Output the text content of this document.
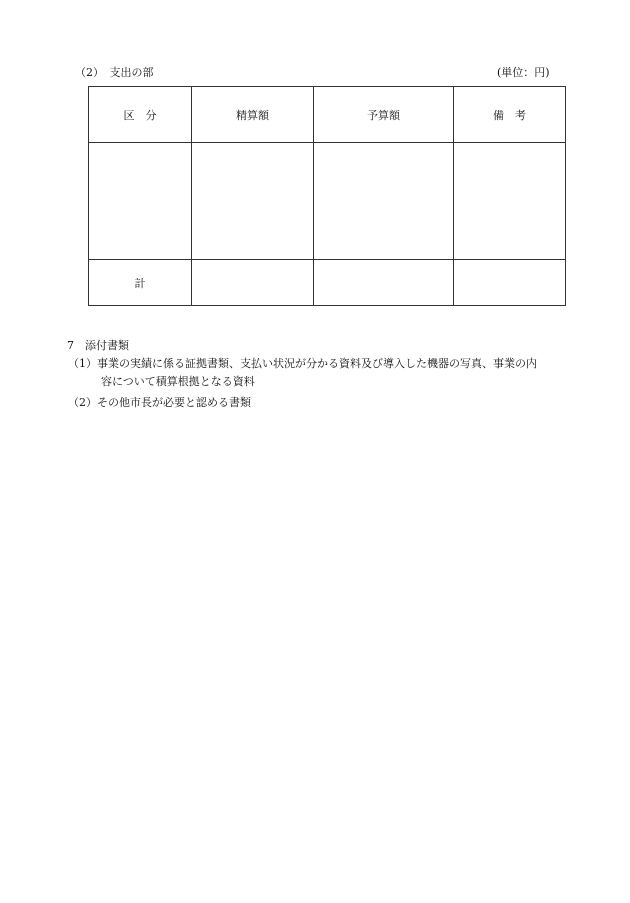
（2）　支出の部	(単位：円)
区　分	精算額	予算額	備　考

計			
7　添付書類
（1）事業の実績に係る証拠書類、支払い状況が分かる資料及び導入した機器の写真、事業の内
容について積算根拠となる資料
（2）その他市長が必要と認める書類
